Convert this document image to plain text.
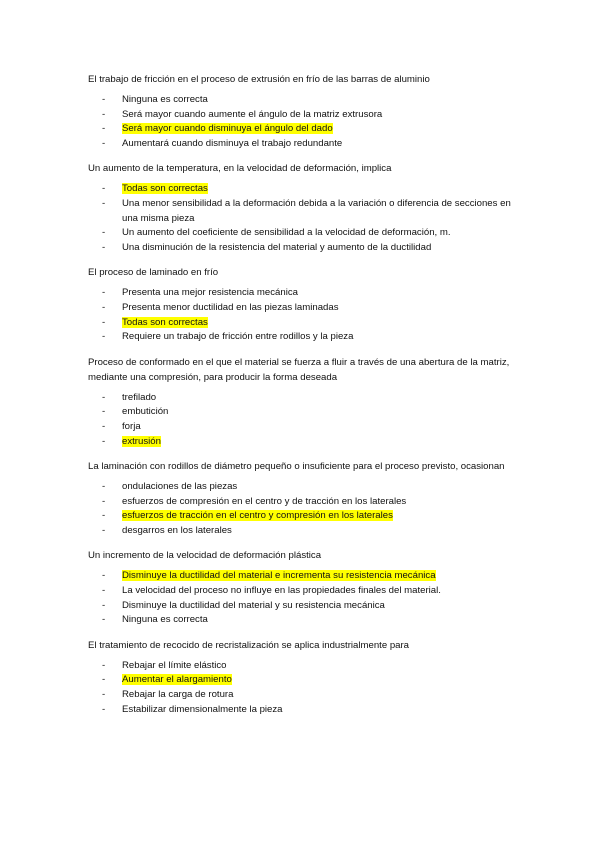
El trabajo de fricción en el proceso de extrusión en frío de las barras de aluminio

- Ninguna es correcta
- Será mayor cuando aumente el ángulo de la matriz extrusora
- Será mayor cuando disminuya el ángulo del dado
- Aumentará cuando disminuya el trabajo redundante

Un aumento de la temperatura, en la velocidad de deformación, implica

- Todas son correctas
- Una menor sensibilidad a la deformación debida a la variación o diferencia de secciones en una misma pieza
- Un aumento del coeficiente de sensibilidad a la velocidad de deformación, m.
- Una disminución de la resistencia del material y aumento de la ductilidad

El proceso de laminado en frío

- Presenta una mejor resistencia mecánica
- Presenta menor ductilidad en las piezas laminadas
- Todas son correctas
- Requiere un trabajo de fricción entre rodillos y la pieza

Proceso de conformado en el que el material se fuerza a fluir a través de una abertura de la matriz, mediante una compresión, para producir la forma deseada

- trefilado
- embutición
- forja
- extrusión

La laminación con rodillos de diámetro pequeño o insuficiente para el proceso previsto, ocasionan

- ondulaciones de las piezas
- esfuerzos de compresión en el centro y de tracción en los laterales
- esfuerzos de tracción en el centro y compresión en los laterales
- desgarros en los laterales

Un incremento de la velocidad de deformación plástica

- Disminuye la ductilidad del material e incrementa su resistencia mecánica
- La velocidad del proceso no influye en las propiedades finales del material.
- Disminuye la ductilidad del material y su resistencia mecánica
- Ninguna es correcta

El tratamiento de recocido de recristalización se aplica industrialmente para

- Rebajar el límite elástico
- Aumentar el alargamiento
- Rebajar la carga de rotura
- Estabilizar dimensionalmente la pieza
